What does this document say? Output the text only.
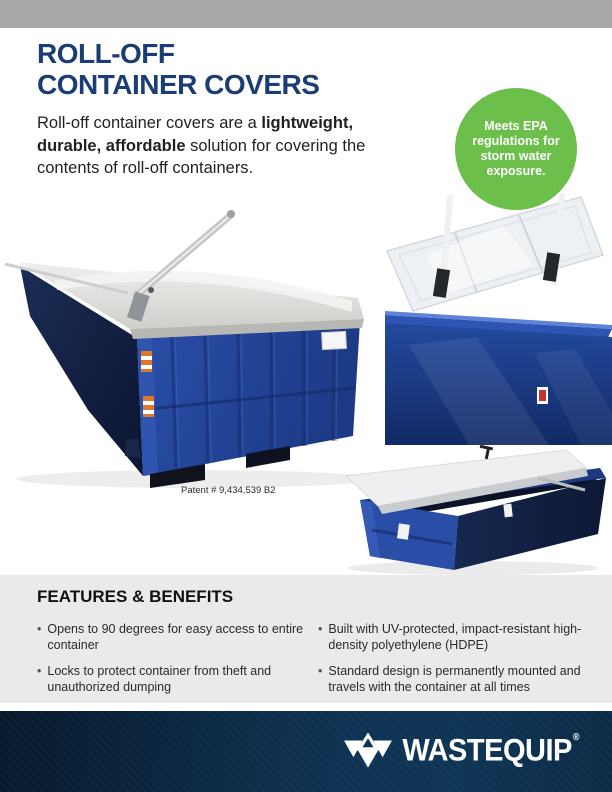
ROLL-OFF
CONTAINER COVERS

Roll-off container covers are a lightweight, durable, affordable solution for covering the contents of roll-off containers.

Meets EPA regulations for storm water exposure.
Patent # 9,434,539 B2
FEATURES & BENEFITS
• Opens to 90 degrees for easy access to entire container
• Locks to protect container from theft and unauthorized dumping
• Built with UV-protected, impact-resistant high-density polyethylene (HDPE)
• Standard design is permanently mounted and travels with the container at all times
WASTEQUIP®
